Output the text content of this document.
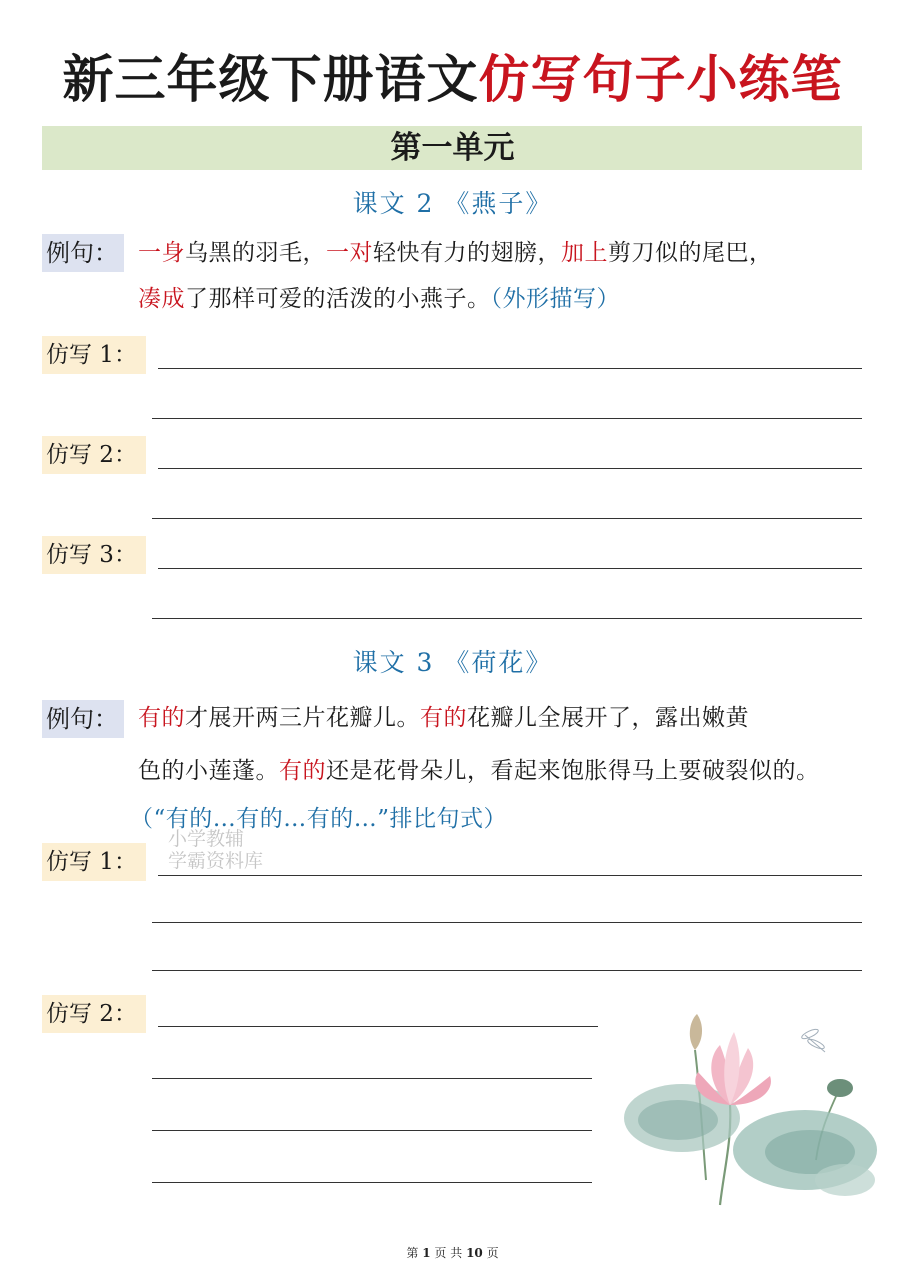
新三年级下册语文仿写句子小练笔
第一单元
课文 2 《燕子》
例句： 一身乌黑的羽毛，一对轻快有力的翅膀，加上剪刀似的尾巴，
凑成了那样可爱的活泼的小燕子。（外形描写）
仿写 1：
仿写 2：
仿写 3：
课文 3 《荷花》
例句： 有的才展开两三片花瓣儿。有的花瓣儿全展开了，露出嫩黄
色的小莲蓬。有的还是花骨朵儿，看起来饱胀得马上要破裂似的。
（“有的…有的…有的…”排比句式）
小学教辅
学霸资料库
仿写 1：
仿写 2：
第 1 页 共 10 页
